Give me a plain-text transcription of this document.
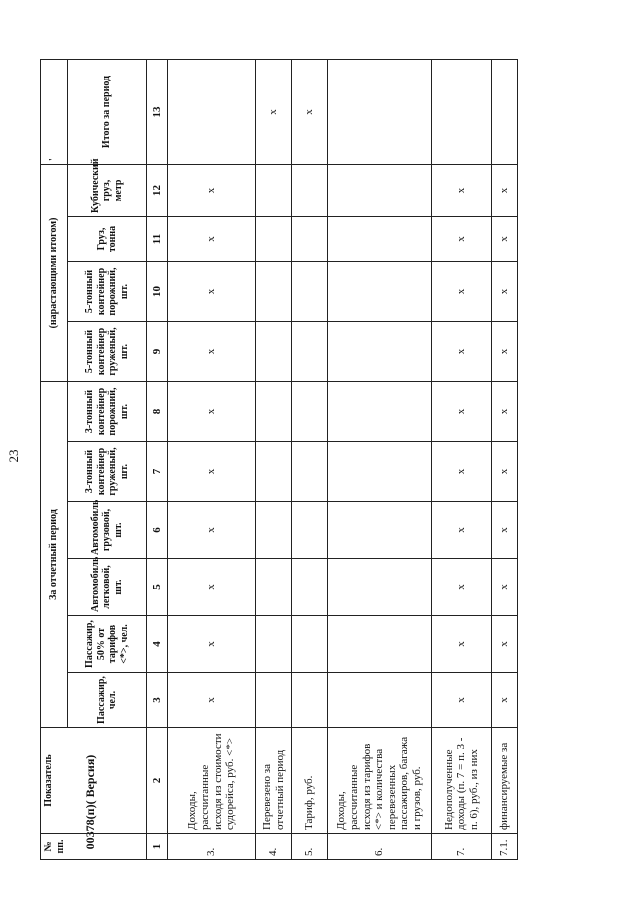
23
00378(п)( Версия)
№ пп.	Показатель	За отчетный период						(нарастающими итогом)				'
		Пассажир, чел.	Пассажир, 50% от тарифов <*>, чел.	Автомобиль легковой, шт.	Автомобиль грузовой, шт.	3-тонный контейнер груженый, шт.	3-тонный контейнер порожний, шт.	5-тонный контейнер груженый, шт.	5-тонный контейнер порожний, шт.	Груз, тонна	Кубический груз, метр	Итого за период
1	2	3	4	5	6	7	8	9	10	11	12	13
3.	Доходы, рассчитанные исходя из стоимости судорейса, руб. <*>	х	х	х	х	х	х	х	х	х	х	
4.	Перевезено за отчетный период											х
5.	Тариф, руб.											х
6.	Доходы, рассчитанные исходя из тарифов <*> и количества перевезенных пассажиров, багажа и грузов, руб.											
7.	Недополученные доходы (п. 7 = п. 3 - п. 6), руб., из них	х	х	х	х	х	х	х	х	х	х	
7.1.	финансируемые за	х	х	х	х	х	х	х	х	х	х	
